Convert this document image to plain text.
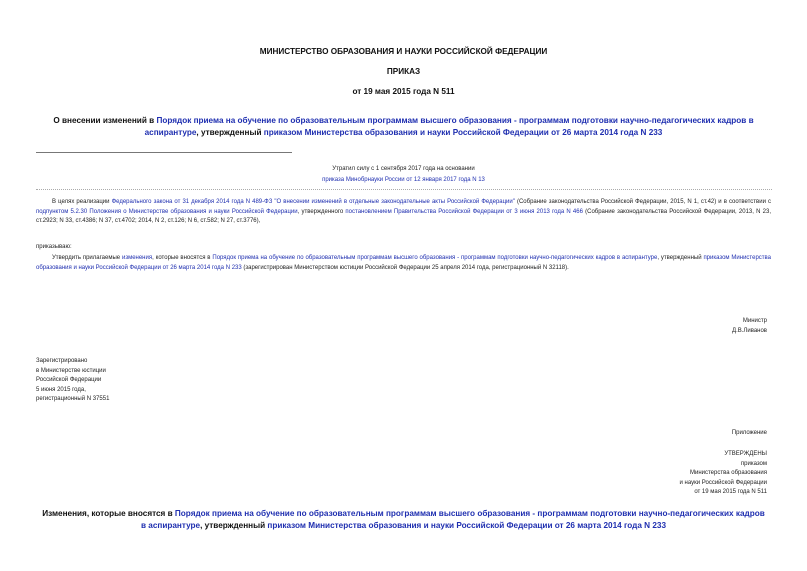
МИНИСТЕРСТВО ОБРАЗОВАНИЯ И НАУКИ РОССИЙСКОЙ ФЕДЕРАЦИИ
ПРИКАЗ
от 19 мая 2015 года N 511
О внесении изменений в Порядок приема на обучение по образовательным программам высшего образования - программам подготовки научно-педагогических кадров в аспирантуре, утвержденный приказом Министерства образования и науки Российской Федерации от 26 марта 2014 года N 233
Утратил силу с 1 сентября 2017 года на основании
приказа Минобрнауки России от 12 января 2017 года N 13
В целях реализации Федерального закона от 31 декабря 2014 года N 489-ФЗ "О внесении изменений в отдельные законодательные акты Российской Федерации" (Собрание законодательства Российской Федерации, 2015, N 1, ст.42) и в соответствии с подпунктом 5.2.30 Положения о Министерстве образования и науки Российской Федерации, утвержденного постановлением Правительства Российской Федерации от 3 июня 2013 года N 466 (Собрание законодательства Российской Федерации, 2013, N 23, ст.2923; N 33, ст.4386; N 37, ст.4702; 2014, N 2, ст.126; N 6, ст.582; N 27, ст.3776),
приказываю:
Утвердить прилагаемые изменения, которые вносятся в Порядок приема на обучение по образовательным программам высшего образования - программам подготовки научно-педагогических кадров в аспирантуре, утвержденный приказом Министерства образования и науки Российской Федерации от 26 марта 2014 года N 233 (зарегистрирован Министерством юстиции Российской Федерации 25 апреля 2014 года, регистрационный N 32118).
Министр
Д.В.Ливанов
Зарегистрировано
в Министерстве юстиции
Российской Федерации
5 июня 2015 года,
регистрационный N 37551
Приложение
УТВЕРЖДЕНЫ
приказом
Министерства образования
и науки Российской Федерации
от 19 мая 2015 года N 511
Изменения, которые вносятся в Порядок приема на обучение по образовательным программам высшего образования - программам подготовки научно-педагогических кадров в аспирантуре, утвержденный приказом Министерства образования и науки Российской Федерации от 26 марта 2014 года N 233
